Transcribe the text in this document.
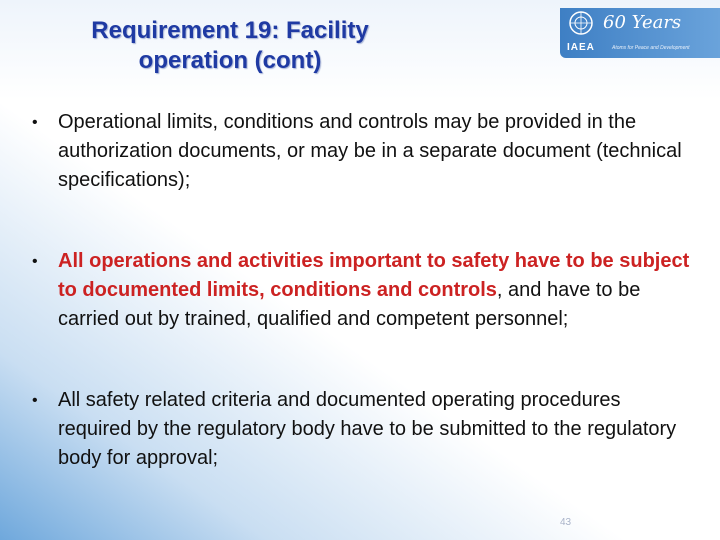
Requirement 19: Facility
operation (cont)
60 Years
IAEA	Atoms for Peace and Development
• Operational limits, conditions and controls may be provided in the authorization documents, or may be in a separate document (technical specifications);
• All operations and activities important to safety have to be subject to documented limits, conditions and controls, and have to be carried out by trained, qualified and competent personnel;
• All safety related criteria and documented operating procedures required by the regulatory body have to be submitted to the regulatory body for approval;
43
